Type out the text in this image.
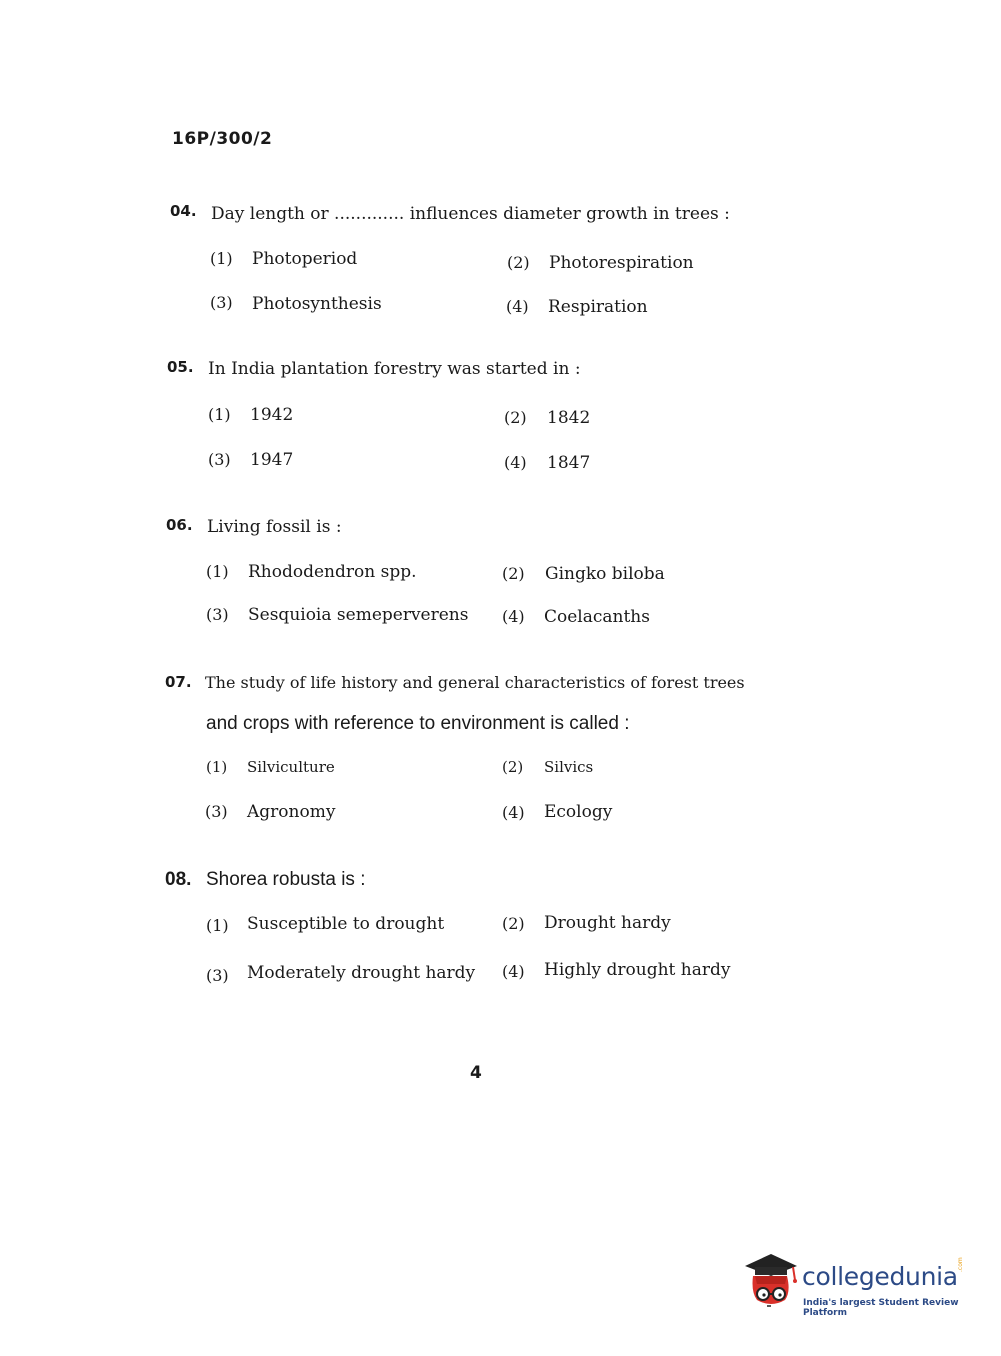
16P/300/2
04. Day length or ............. influences diameter growth in trees :
(1) Photoperiod	(2) Photorespiration
(3) Photosynthesis	(4) Respiration
05. In India plantation forestry was started in :
(1) 1942	(2) 1842
(3) 1947	(4) 1847
06. Living fossil is :
(1) Rhododendron spp.	(2) Gingko biloba
(3) Sesquioia semeperverens (4) Coelacanths
07. The study of life history and general characteristics of forest trees
and crops with reference to environment is called :
(1) Silviculture	(2) Silvics
(3) Agronomy	(4) Ecology
08. Shorea robusta is :
(1) Susceptible to drought	(2) Drought hardy
(3) Moderately drought hardy (4) Highly drought hardy
4
collegedunia .com
India's largest Student Review Platform
